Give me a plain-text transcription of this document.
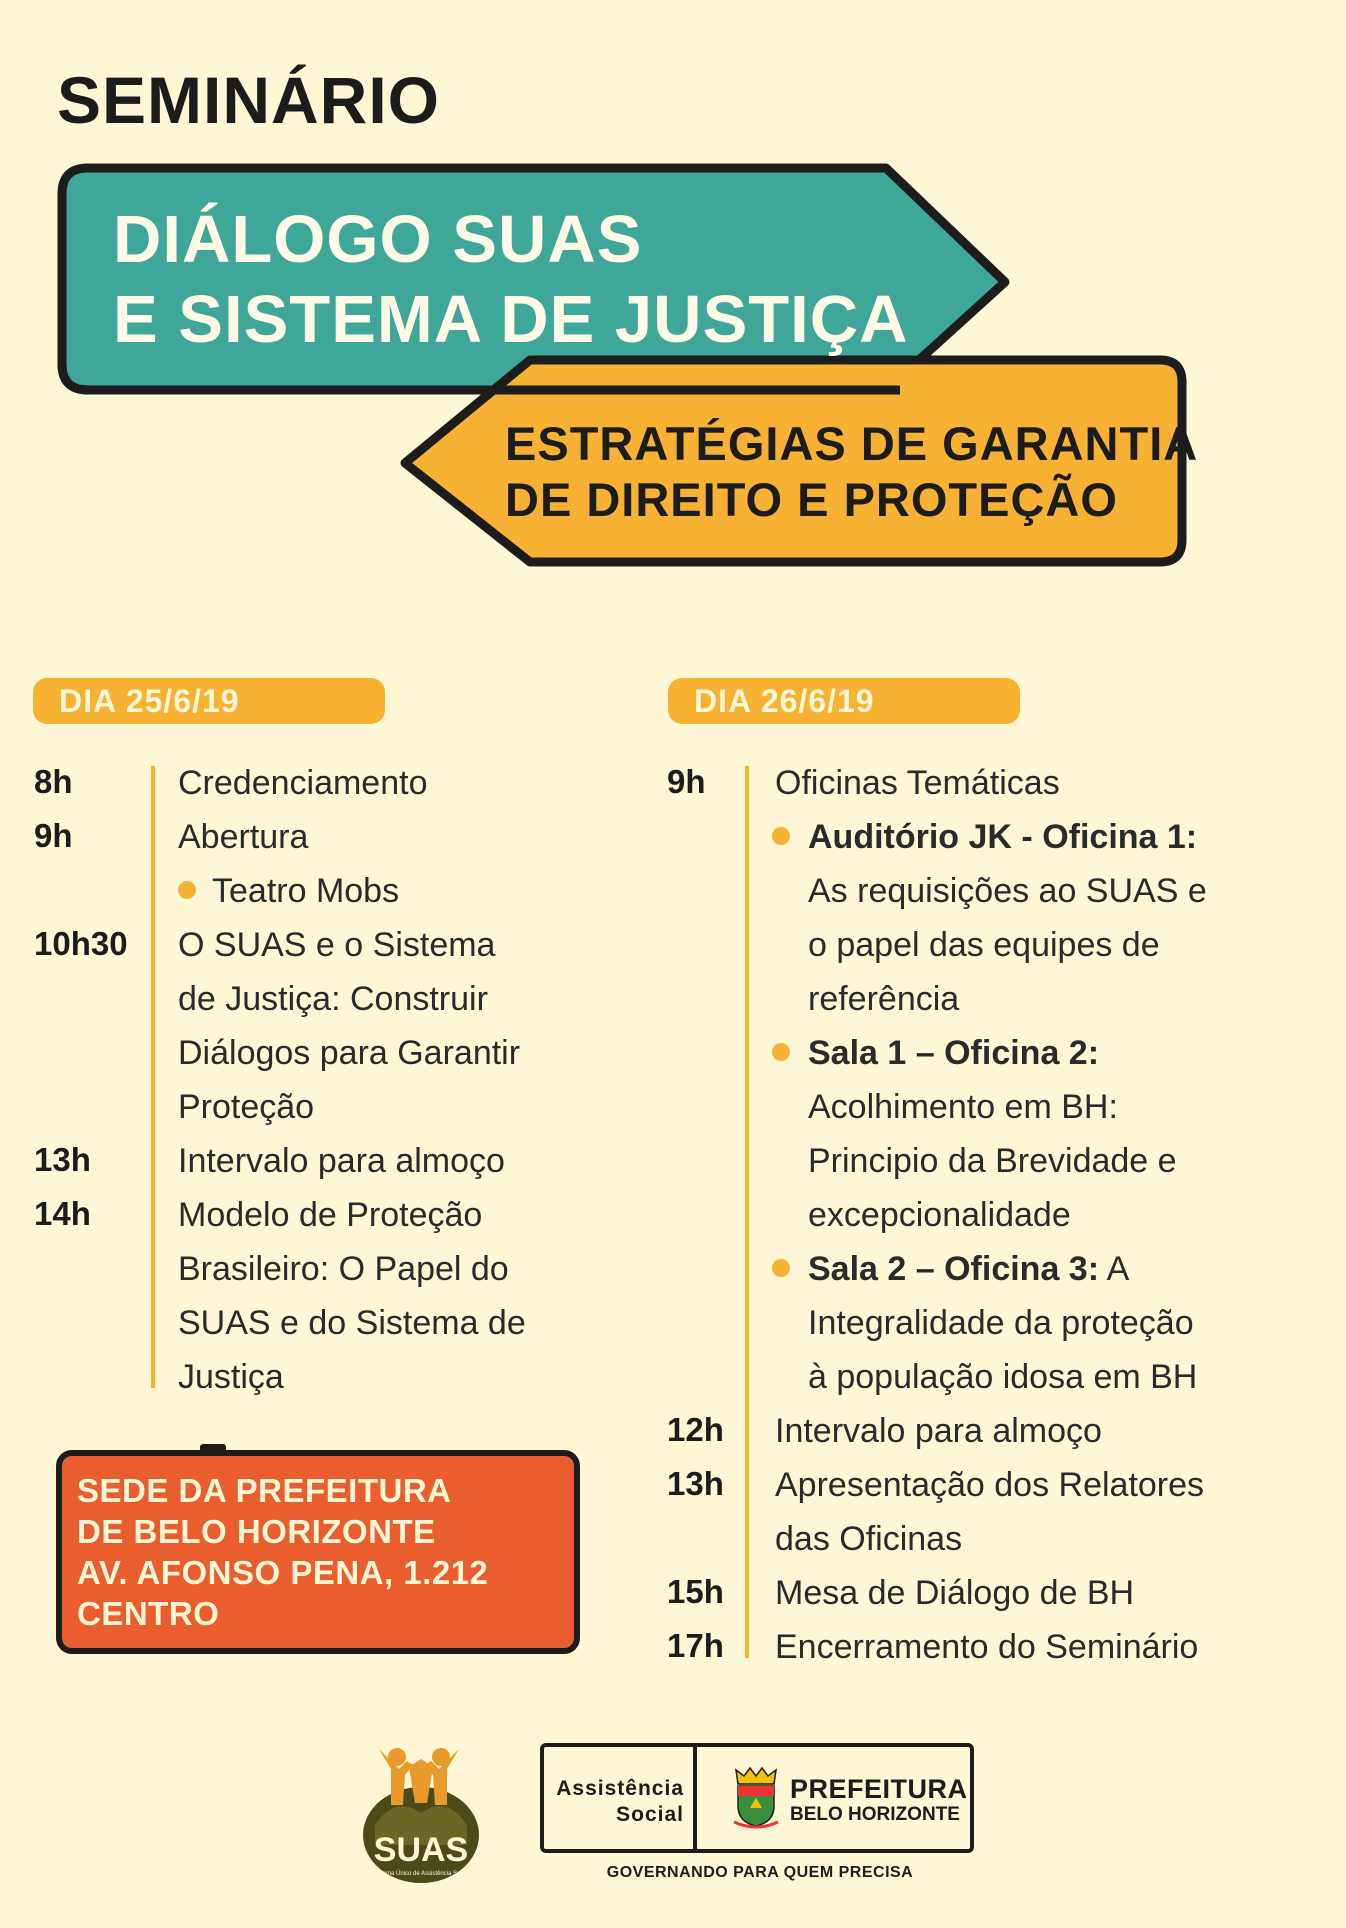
SEMINÁRIO
DIÁLOGO SUAS
E SISTEMA DE JUSTIÇA
ESTRATÉGIAS DE GARANTIA
DE DIREITO E PROTEÇÃO
DIA 25/6/19
8h	Credenciamento
9h	Abertura
Teatro Mobs
10h30 O SUAS e o Sistema
de Justiça: Construir
Diálogos para Garantir
Proteção
13h	Intervalo para almoço
14h	Modelo de Proteção
Brasileiro: O Papel do
SUAS e do Sistema de
Justiça
SEDE DA PREFEITURA
DE BELO HORIZONTE
AV. AFONSO PENA, 1.212
CENTRO
DIA 26/6/19
9h Oficinas Temáticas
Auditório JK - Oficina 1:
As requisições ao SUAS e
o papel das equipes de
referência
Sala 1 – Oficina 2:
Acolhimento em BH:
Principio da Brevidade e
excepcionalidade
Sala 2 – Oficina 3: A
Integralidade da proteção
à população idosa em BH
12h Intervalo para almoço
13h Apresentação dos Relatores
das Oficinas
15h Mesa de Diálogo de BH
17h Encerramento do Seminário
SUAS
Sistema Único de Assistência Social
Assistência
Social
PREFEITURA
BELO HORIZONTE
GOVERNANDO PARA QUEM PRECISA
